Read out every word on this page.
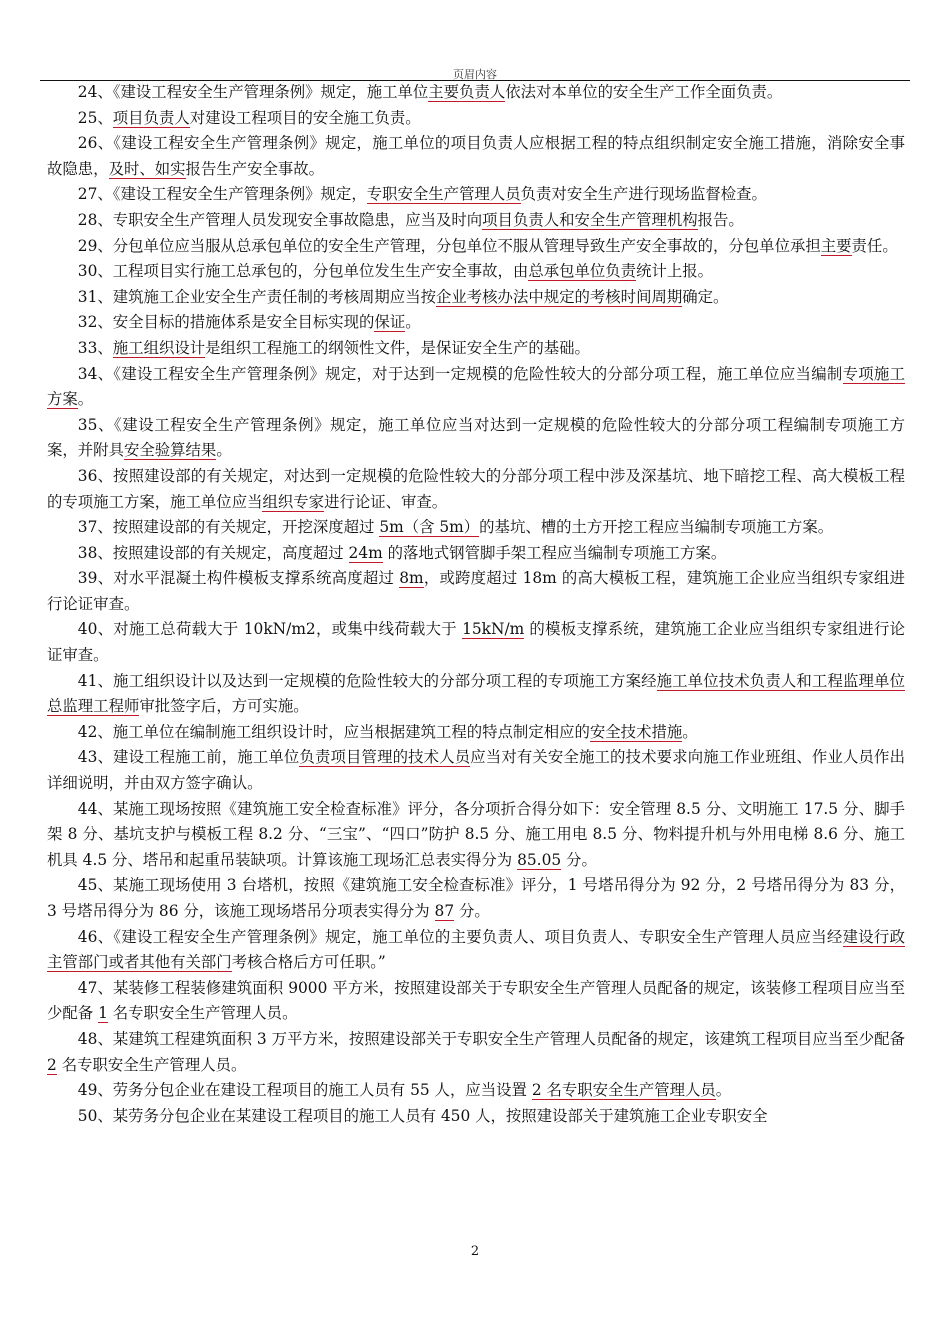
页眉内容

24、《建设工程安全生产管理条例》规定，施工单位主要负责人依法对本单位的安全生产工作全面负责。

25、项目负责人对建设工程项目的安全施工负责。

26、《建设工程安全生产管理条例》规定，施工单位的项目负责人应根据工程的特点组织制定安全施工措施，消除安全事故隐患，及时、如实报告生产安全事故。

27、《建设工程安全生产管理条例》规定，专职安全生产管理人员负责对安全生产进行现场监督检查。

28、专职安全生产管理人员发现安全事故隐患，应当及时向项目负责人和安全生产管理机构报告。

29、分包单位应当服从总承包单位的安全生产管理，分包单位不服从管理导致生产安全事故的，分包单位承担主要责任。

30、工程项目实行施工总承包的，分包单位发生生产安全事故，由总承包单位负责统计上报。

31、建筑施工企业安全生产责任制的考核周期应当按企业考核办法中规定的考核时间周期确定。

32、安全目标的措施体系是安全目标实现的保证。

33、施工组织设计是组织工程施工的纲领性文件，是保证安全生产的基础。

34、《建设工程安全生产管理条例》规定，对于达到一定规模的危险性较大的分部分项工程，施工单位应当编制专项施工方案。

35、《建设工程安全生产管理条例》规定，施工单位应当对达到一定规模的危险性较大的分部分项工程编制专项施工方案，并附具安全验算结果。

36、按照建设部的有关规定，对达到一定规模的危险性较大的分部分项工程中涉及深基坑、地下暗挖工程、高大模板工程的专项施工方案，施工单位应当组织专家进行论证、审查。

37、按照建设部的有关规定，开挖深度超过 5m（含 5m）的基坑、槽的土方开挖工程应当编制专项施工方案。

38、按照建设部的有关规定，高度超过 24m 的落地式钢管脚手架工程应当编制专项施工方案。

39、对水平混凝土构件模板支撑系统高度超过 8m，或跨度超过 18m 的高大模板工程，建筑施工企业应当组织专家组进行论证审查。

40、对施工总荷载大于 10kN/m2，或集中线荷载大于 15kN/m 的模板支撑系统，建筑施工企业应当组织专家组进行论证审查。

41、施工组织设计以及达到一定规模的危险性较大的分部分项工程的专项施工方案经施工单位技术负责人和工程监理单位总监理工程师审批签字后，方可实施。

42、施工单位在编制施工组织设计时，应当根据建筑工程的特点制定相应的安全技术措施。

43、建设工程施工前，施工单位负责项目管理的技术人员应当对有关安全施工的技术要求向施工作业班组、作业人员作出详细说明，并由双方签字确认。

44、某施工现场按照《建筑施工安全检查标准》评分，各分项折合得分如下：安全管理 8.5 分、文明施工 17.5 分、脚手架 8 分、基坑支护与模板工程 8.2 分、“三宝”、“四口”防护 8.5 分、施工用电 8.5 分、物料提升机与外用电梯 8.6 分、施工机具 4.5 分、塔吊和起重吊装缺项。计算该施工现场汇总表实得分为 85.05 分。

45、某施工现场使用 3 台塔机，按照《建筑施工安全检查标准》评分，1 号塔吊得分为 92 分，2 号塔吊得分为 83 分，3 号塔吊得分为 86 分，该施工现场塔吊分项表实得分为 87 分。

46、《建设工程安全生产管理条例》规定，施工单位的主要负责人、项目负责人、专职安全生产管理人员应当经建设行政主管部门或者其他有关部门考核合格后方可任职。”

47、某装修工程装修建筑面积 9000 平方米，按照建设部关于专职安全生产管理人员配备的规定，该装修工程项目应当至少配备 1 名专职安全生产管理人员。

48、某建筑工程建筑面积 3 万平方米，按照建设部关于专职安全生产管理人员配备的规定，该建筑工程项目应当至少配备 2 名专职安全生产管理人员。

49、劳务分包企业在建设工程项目的施工人员有 55 人，应当设置 2 名专职安全生产管理人员。

50、某劳务分包企业在某建设工程项目的施工人员有 450 人，按照建设部关于建筑施工企业专职安全

2
